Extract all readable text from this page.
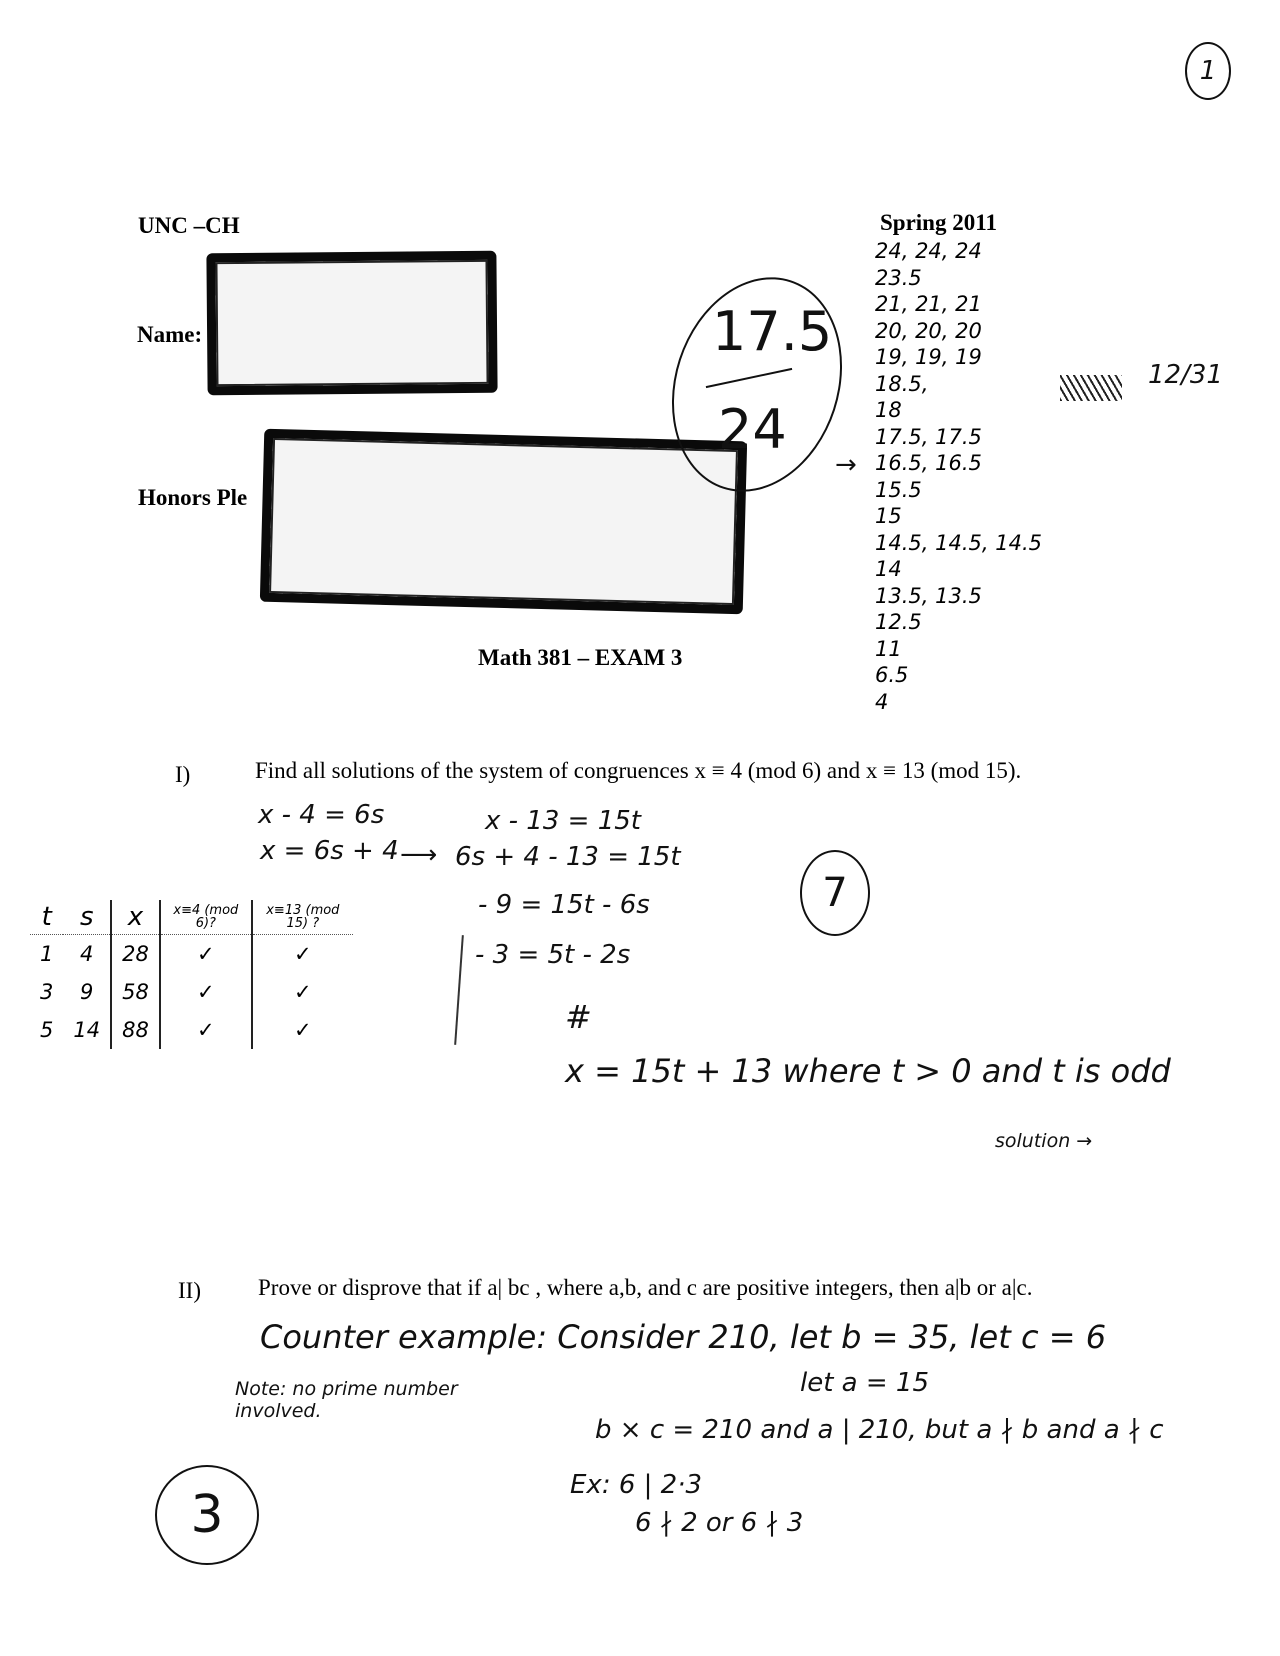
1
UNC –CH	Spring 2011
Name:
Honors Ple
Math 381 – EXAM 3
17.5
24
12/31
→
24, 24, 24
23.5
21, 21, 21
20, 20, 20
19, 19, 19
18.5,
18
17.5, 17.5
16.5, 16.5
15.5
15
14.5, 14.5, 14.5
14
13.5, 13.5
12.5
11
6.5
4
I)	Find all solutions of the system of congruences x ≡ 4 (mod 6) and x ≡ 13 (mod 15).
x - 4 = 6s	x - 13 = 15t
x = 6s + 4 ⟶ 6s + 4 - 13 = 15t
- 9 = 15t - 6s
- 3 = 5t - 2s
#
7
t	s	x	x≡4 (mod 6)?	x≡13 (mod 15) ?
1	4	28	✓	✓
3	9	58	✓	✓
5	14	88	✓	✓
x = 15t + 13 where t > 0 and t is odd
solution →
II) Prove or disprove that if a| bc , where a,b, and c are positive integers, then a|b or a|c.
Counter example: Consider 210, let b = 35, let c = 6
let a = 15
Note: no prime number involved.
b × c = 210 and a | 210, but a ∤ b and a ∤ c
Ex: 6 | 2·3
6 ∤ 2 or 6 ∤ 3
3
